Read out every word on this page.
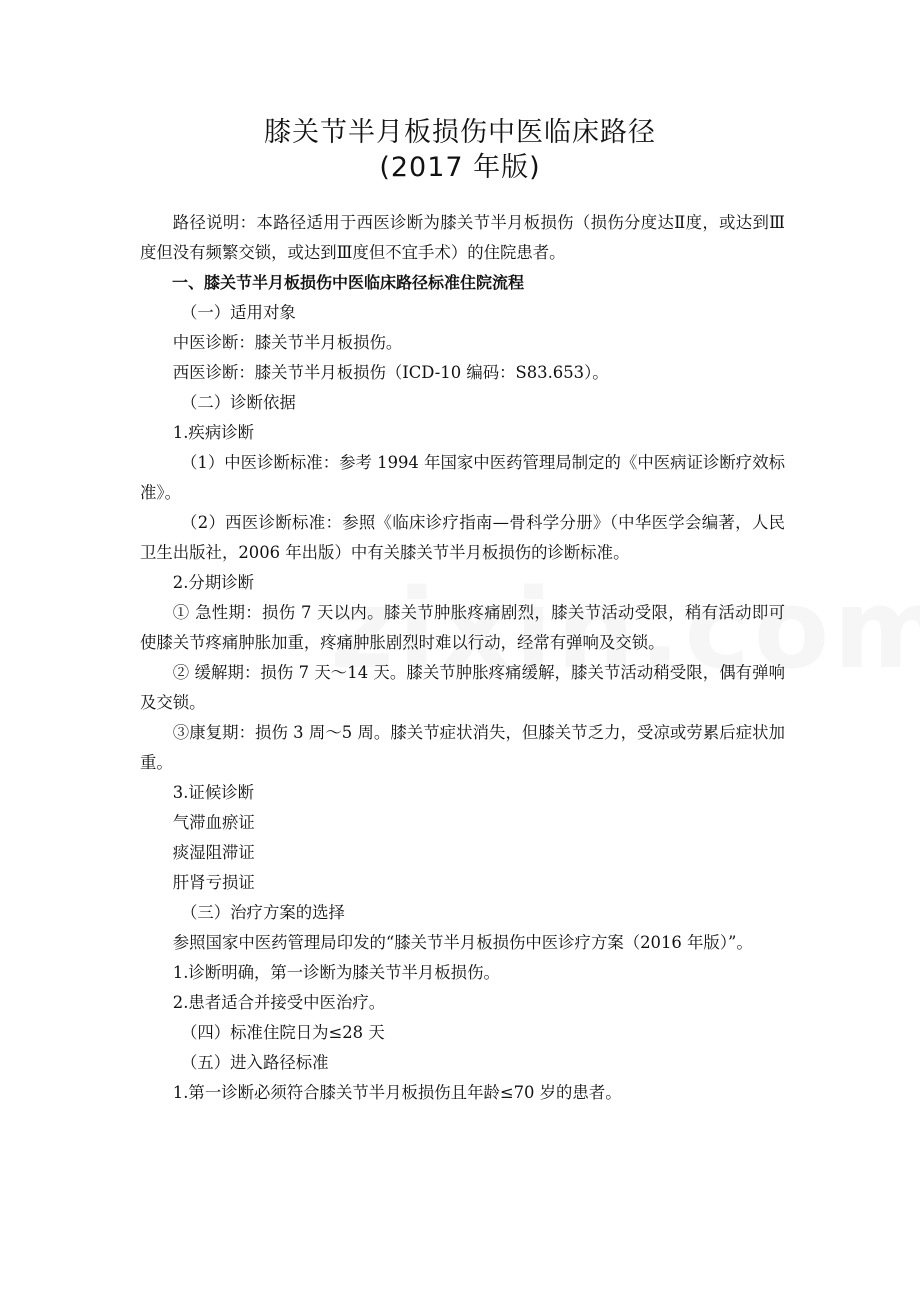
膝关节半月板损伤中医临床路径
(2017 年版)

路径说明：本路径适用于西医诊断为膝关节半月板损伤（损伤分度达Ⅱ度，或达到Ⅲ度但没有频繁交锁，或达到Ⅲ度但不宜手术）的住院患者。

一、膝关节半月板损伤中医临床路径标准住院流程

（一）适用对象

中医诊断：膝关节半月板损伤。

西医诊断：膝关节半月板损伤（ICD-10 编码：S83.653）。

（二）诊断依据

1.疾病诊断

（1）中医诊断标准：参考 1994 年国家中医药管理局制定的《中医病证诊断疗效标准》。

（2）西医诊断标准：参照《临床诊疗指南—骨科学分册》（中华医学会编著，人民卫生出版社，2006 年出版）中有关膝关节半月板损伤的诊断标准。

2.分期诊断

① 急性期：损伤 7 天以内。膝关节肿胀疼痛剧烈，膝关节活动受限，稍有活动即可使膝关节疼痛肿胀加重，疼痛肿胀剧烈时难以行动，经常有弹响及交锁。

② 缓解期：损伤 7 天～14 天。膝关节肿胀疼痛缓解，膝关节活动稍受限，偶有弹响及交锁。

③康复期：损伤 3 周～5 周。膝关节症状消失，但膝关节乏力，受凉或劳累后症状加重。

3.证候诊断

气滞血瘀证

痰湿阻滞证

肝肾亏损证

（三）治疗方案的选择

参照国家中医药管理局印发的“膝关节半月板损伤中医诊疗方案（2016 年版）”。

1.诊断明确，第一诊断为膝关节半月板损伤。

2.患者适合并接受中医治疗。

（四）标准住院日为≤28 天

（五）进入路径标准

1.第一诊断必须符合膝关节半月板损伤且年龄≤70 岁的患者。
